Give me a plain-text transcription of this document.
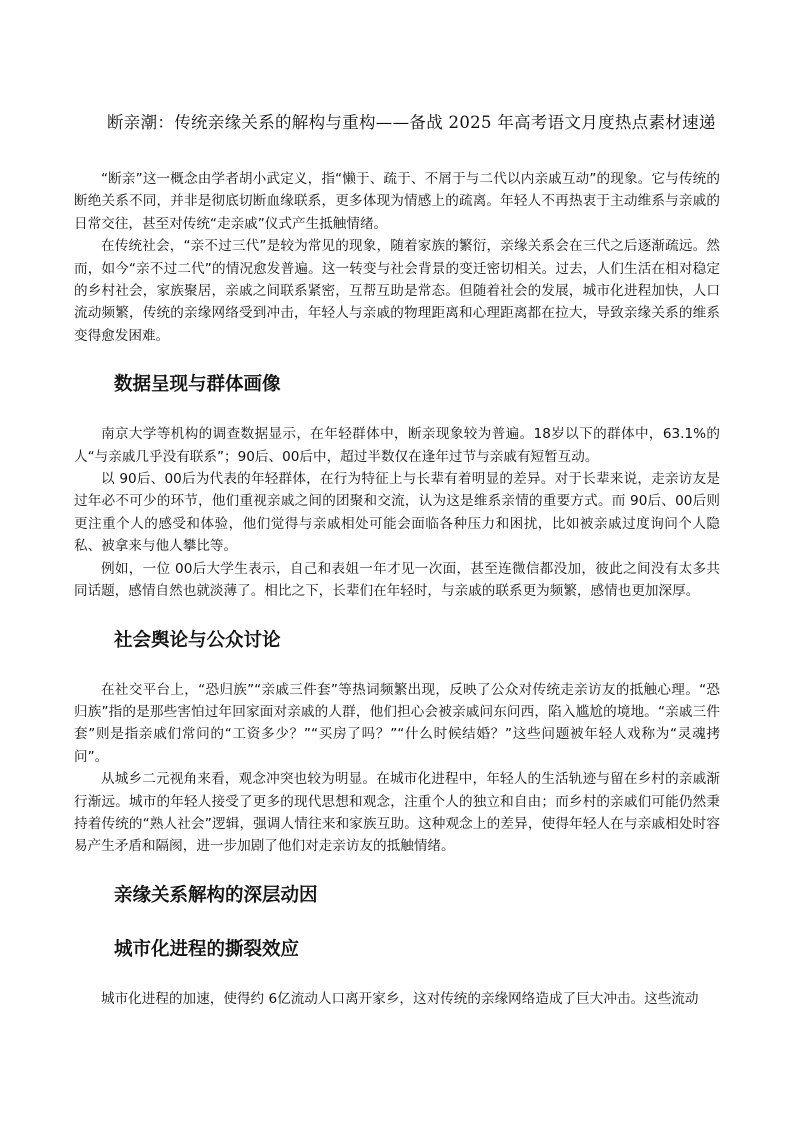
断亲潮：传统亲缘关系的解构与重构——备战 2025 年高考语文月度热点素材速递

“断亲”这一概念由学者胡小武定义，指“懒于、疏于、不屑于与二代以内亲戚互动”的现象。它与传统的断绝关系不同，并非是彻底切断血缘联系，更多体现为情感上的疏离。年轻人不再热衷于主动维系与亲戚的日常交往，甚至对传统“走亲戚”仪式产生抵触情绪。

在传统社会，“亲不过三代”是较为常见的现象，随着家族的繁衍，亲缘关系会在三代之后逐渐疏远。然而，如今“亲不过二代”的情况愈发普遍。这一转变与社会背景的变迁密切相关。过去，人们生活在相对稳定的乡村社会，家族聚居，亲戚之间联系紧密，互帮互助是常态。但随着社会的发展，城市化进程加快，人口流动频繁，传统的亲缘网络受到冲击，年轻人与亲戚的物理距离和心理距离都在拉大，导致亲缘关系的维系变得愈发困难。

数据呈现与群体画像

南京大学等机构的调查数据显示，在年轻群体中，断亲现象较为普遍。18岁以下的群体中，63.1%的人“与亲戚几乎没有联系”；90后、00后中，超过半数仅在逢年过节与亲戚有短暂互动。

以 90后、00后为代表的年轻群体，在行为特征上与长辈有着明显的差异。对于长辈来说，走亲访友是过年必不可少的环节，他们重视亲戚之间的团聚和交流，认为这是维系亲情的重要方式。而 90后、00后则更注重个人的感受和体验，他们觉得与亲戚相处可能会面临各种压力和困扰，比如被亲戚过度询问个人隐私、被拿来与他人攀比等。

例如，一位 00后大学生表示，自己和表姐一年才见一次面，甚至连微信都没加，彼此之间没有太多共同话题，感情自然也就淡薄了。相比之下，长辈们在年轻时，与亲戚的联系更为频繁，感情也更加深厚。

社会舆论与公众讨论

在社交平台上，“恐归族”“亲戚三件套”等热词频繁出现，反映了公众对传统走亲访友的抵触心理。“恐归族”指的是那些害怕过年回家面对亲戚的人群，他们担心会被亲戚问东问西，陷入尴尬的境地。“亲戚三件套”则是指亲戚们常问的“工资多少？”“买房了吗？”“什么时候结婚？”这些问题被年轻人戏称为“灵魂拷问”。

从城乡二元视角来看，观念冲突也较为明显。在城市化进程中，年轻人的生活轨迹与留在乡村的亲戚渐行渐远。城市的年轻人接受了更多的现代思想和观念，注重个人的独立和自由；而乡村的亲戚们可能仍然秉持着传统的“熟人社会”逻辑，强调人情往来和家族互助。这种观念上的差异，使得年轻人在与亲戚相处时容易产生矛盾和隔阂，进一步加剧了他们对走亲访友的抵触情绪。

亲缘关系解构的深层动因
城市化进程的撕裂效应

城市化进程的加速，使得约 6亿流动人口离开家乡，这对传统的亲缘网络造成了巨大冲击。这些流动
